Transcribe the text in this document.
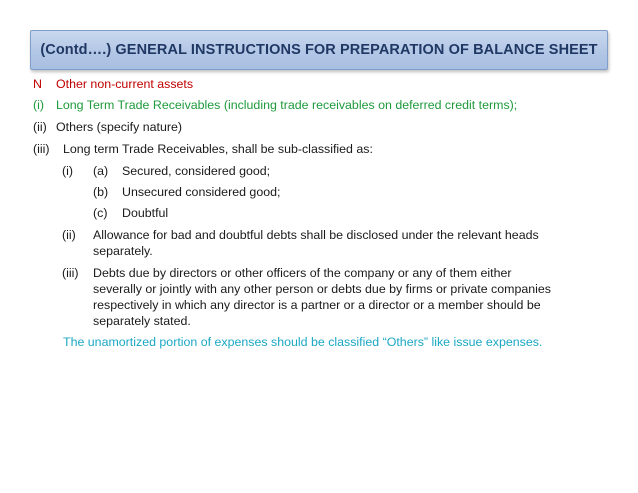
(Contd….) GENERAL INSTRUCTIONS FOR PREPARATION OF BALANCE SHEET
N Other non-current assets
(i) Long Term Trade Receivables (including trade receivables on deferred credit terms);
(ii) Others (specify nature)
(iii) Long term Trade Receivables, shall be sub-classified as:
(i) (a) Secured, considered good;
(b) Unsecured considered good;
(c) Doubtful
(ii) Allowance for bad and doubtful debts shall be disclosed under the relevant heads
separately.
(iii) Debts due by directors or other officers of the company or any of them either
severally or jointly with any other person or debts due by firms or private companies
respectively in which any director is a partner or a director or a member should be
separately stated.
The unamortized portion of expenses should be classified “Others” like issue expenses.
